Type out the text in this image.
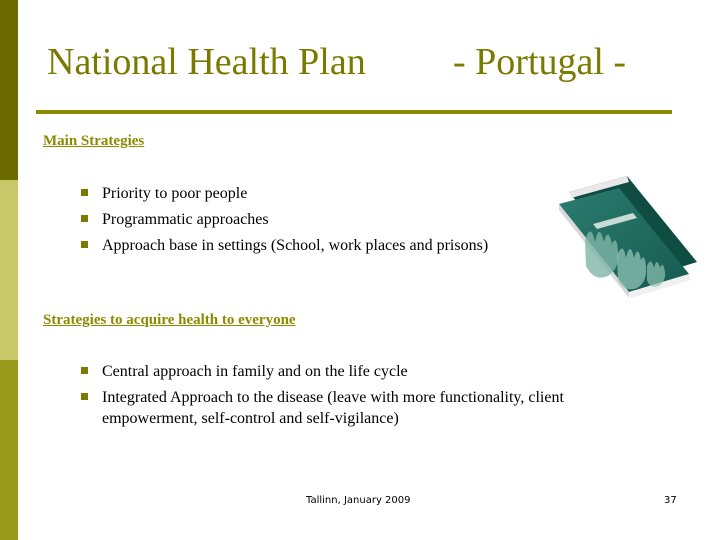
National Health Plan - Portugal -
Main Strategies
Priority to poor people
Programmatic approaches
Approach base in settings (School, work places and prisons)
Strategies to acquire health to everyone
Central approach in family and on the life cycle
Integrated Approach to the disease (leave with more functionality, client empowerment, self-control and self-vigilance)
Tallinn, January 2009	37
